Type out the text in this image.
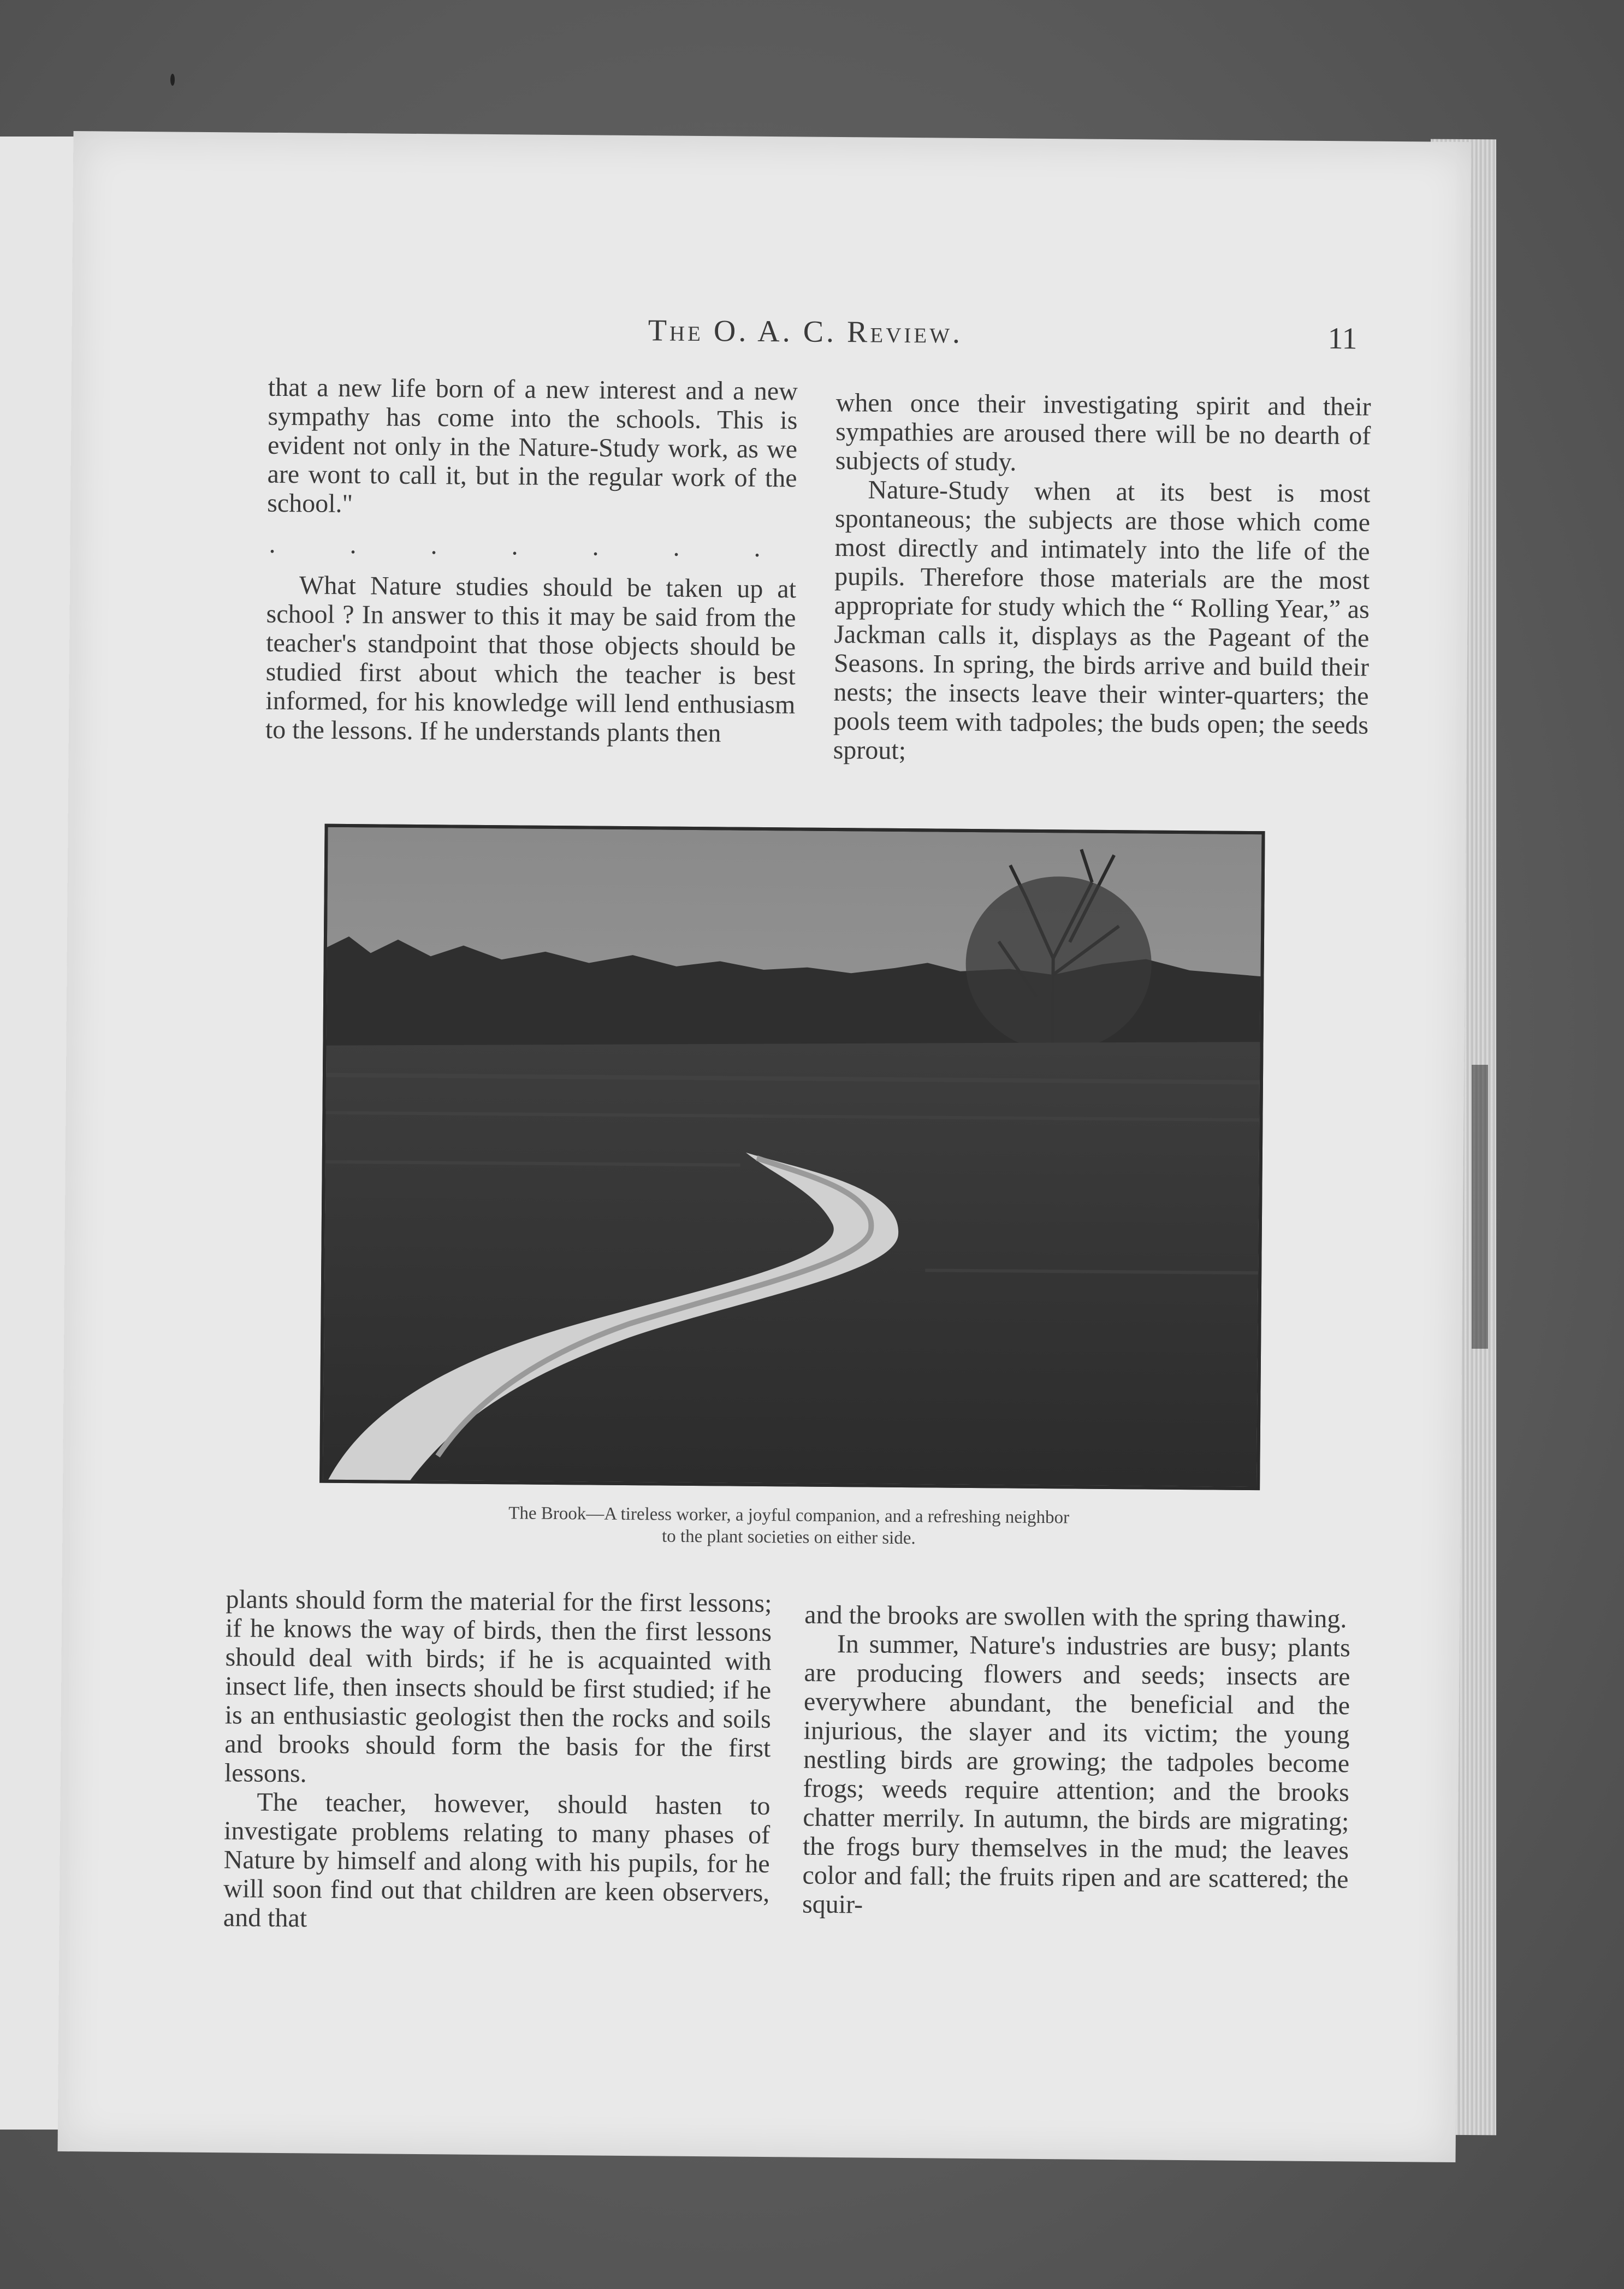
The O. A. C. Review.	11

that a new life born of a new interest and a new sympathy has come into the schools. This is evident not only in the Nature-Study work, as we are wont to call it, but in the regular work of the school."

. . . . . . .

What Nature studies should be taken up at school ? In answer to this it may be said from the teacher's standpoint that those objects should be studied first about which the teacher is best informed, for his knowledge will lend enthusiasm to the lessons. If he understands plants then

when once their investigating spirit and their sympathies are aroused there will be no dearth of subjects of study.

Nature-Study when at its best is most spontaneous; the subjects are those which come most directly and intimately into the life of the pupils. Therefore those materials are the most appropriate for study which the “ Rolling Year,” as Jackman calls it, displays as the Pageant of the Seasons. In spring, the birds arrive and build their nests; the insects leave their winter-quarters; the pools teem with tadpoles; the buds open; the seeds sprout;

The Brook—A tireless worker, a joyful companion, and a refreshing neighbor
to the plant societies on either side.

plants should form the material for the first lessons; if he knows the way of birds, then the first lessons should deal with birds; if he is acquainted with insect life, then insects should be first studied; if he is an enthusiastic geologist then the rocks and soils and brooks should form the basis for the first lessons.

The teacher, however, should hasten to investigate problems relating to many phases of Nature by himself and along with his pupils, for he will soon find out that children are keen observers, and that

and the brooks are swollen with the spring thawing.

In summer, Nature's industries are busy; plants are producing flowers and seeds; insects are everywhere abundant, the beneficial and the injurious, the slayer and its victim; the young nestling birds are growing; the tadpoles become frogs; weeds require attention; and the brooks chatter merrily. In autumn, the birds are migrating; the frogs bury themselves in the mud; the leaves color and fall; the fruits ripen and are scattered; the squir-
